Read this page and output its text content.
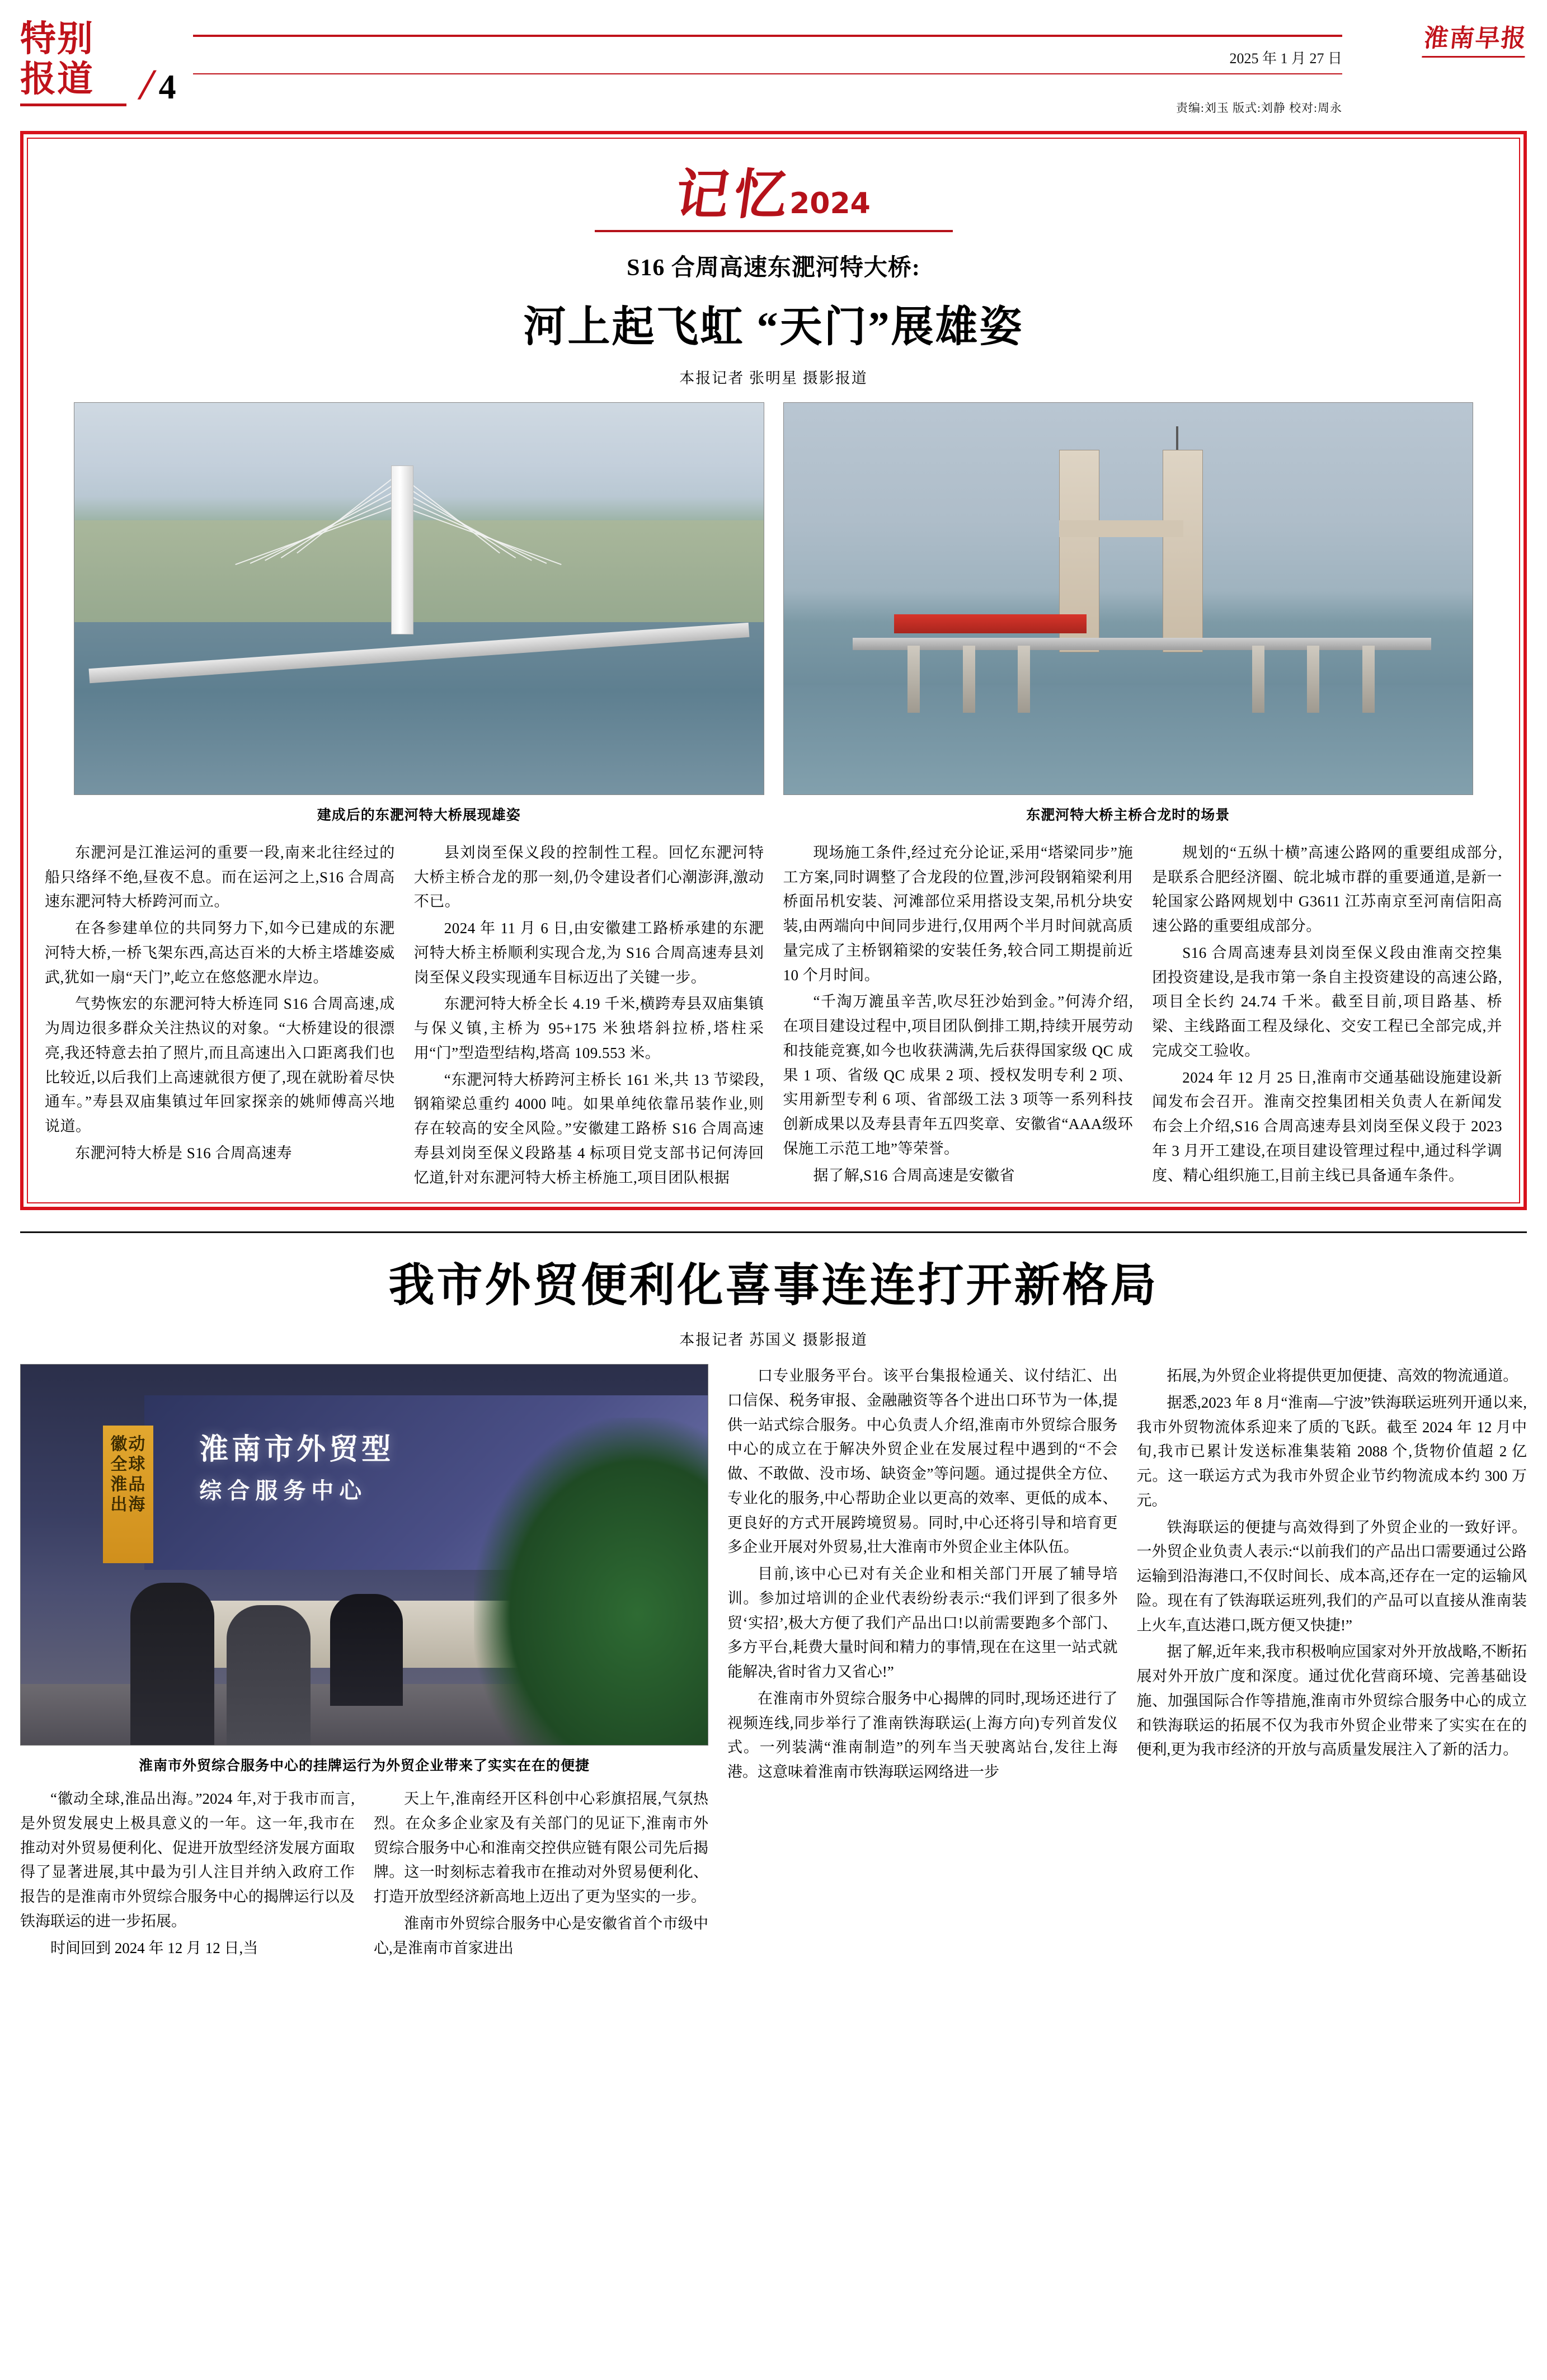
特别
报道 / 4
2025 年 1 月 27 日
责编:刘玉 版式:刘静 校对:周永
淮南早报
记忆2024
S16 合周高速东淝河特大桥:
河上起飞虹 “天门”展雄姿
本报记者 张明星 摄影报道
建成后的东淝河特大桥展现雄姿	东淝河特大桥主桥合龙时的场景

东淝河是江淮运河的重要一段,南来北往经过的船只络绎不绝,昼夜不息。而在运河之上,S16 合周高速东淝河特大桥跨河而立。

在各参建单位的共同努力下,如今已建成的东淝河特大桥,一桥飞架东西,高达百米的大桥主塔雄姿威武,犹如一扇“天门”,屹立在悠悠淝水岸边。

气势恢宏的东淝河特大桥连同 S16 合周高速,成为周边很多群众关注热议的对象。“大桥建设的很漂亮,我还特意去拍了照片,而且高速出入口距离我们也比较近,以后我们上高速就很方便了,现在就盼着尽快通车。”寿县双庙集镇过年回家探亲的姚师傅高兴地说道。

东淝河特大桥是 S16 合周高速寿

县刘岗至保义段的控制性工程。回忆东淝河特大桥主桥合龙的那一刻,仍令建设者们心潮澎湃,激动不已。

2024 年 11 月 6 日,由安徽建工路桥承建的东淝河特大桥主桥顺利实现合龙,为 S16 合周高速寿县刘岗至保义段实现通车目标迈出了关键一步。

东淝河特大桥全长 4.19 千米,横跨寿县双庙集镇与保义镇,主桥为 95+175 米独塔斜拉桥,塔柱采用“门”型造型结构,塔高 109.553 米。

“东淝河特大桥跨河主桥长 161 米,共 13 节梁段,钢箱梁总重约 4000 吨。如果单纯依靠吊装作业,则存在较高的安全风险。”安徽建工路桥 S16 合周高速寿县刘岗至保义段路基 4 标项目党支部书记何涛回忆道,针对东淝河特大桥主桥施工,项目团队根据

现场施工条件,经过充分论证,采用“塔梁同步”施工方案,同时调整了合龙段的位置,涉河段钢箱梁利用桥面吊机安装、河滩部位采用搭设支架,吊机分块安装,由两端向中间同步进行,仅用两个半月时间就高质量完成了主桥钢箱梁的安装任务,较合同工期提前近 10 个月时间。

“千淘万漉虽辛苦,吹尽狂沙始到金。”何涛介绍,在项目建设过程中,项目团队倒排工期,持续开展劳动和技能竞赛,如今也收获满满,先后获得国家级 QC 成果 1 项、省级 QC 成果 2 项、授权发明专利 2 项、实用新型专利 6 项、省部级工法 3 项等一系列科技创新成果以及寿县青年五四奖章、安徽省“AAA级环保施工示范工地”等荣誉。

据了解,S16 合周高速是安徽省

规划的“五纵十横”高速公路网的重要组成部分,是联系合肥经济圈、皖北城市群的重要通道,是新一轮国家公路网规划中 G3611 江苏南京至河南信阳高速公路的重要组成部分。

S16 合周高速寿县刘岗至保义段由淮南交控集团投资建设,是我市第一条自主投资建设的高速公路,项目全长约 24.74 千米。截至目前,项目路基、桥梁、主线路面工程及绿化、交安工程已全部完成,并完成交工验收。

2024 年 12 月 25 日,淮南市交通基础设施建设新闻发布会召开。淮南交控集团相关负责人在新闻发布会上介绍,S16 合周高速寿县刘岗至保义段于 2023 年 3 月开工建设,在项目建设管理过程中,通过科学调度、精心组织施工,目前主线已具备通车条件。

我市外贸便利化喜事连连打开新格局
本报记者 苏国义 摄影报道
淮南市外贸型
综合服务中心
徽动全球 淮品出海
淮南市外贸综合服务中心的挂牌运行为外贸企业带来了实实在在的便捷

“徽动全球,淮品出海。”2024 年,对于我市而言,是外贸发展史上极具意义的一年。这一年,我市在推动对外贸易便利化、促进开放型经济发展方面取得了显著进展,其中最为引人注目并纳入政府工作报告的是淮南市外贸综合服务中心的揭牌运行以及铁海联运的进一步拓展。

时间回到 2024 年 12 月 12 日,当

天上午,淮南经开区科创中心彩旗招展,气氛热烈。在众多企业家及有关部门的见证下,淮南市外贸综合服务中心和淮南交控供应链有限公司先后揭牌。这一时刻标志着我市在推动对外贸易便利化、打造开放型经济新高地上迈出了更为坚实的一步。

淮南市外贸综合服务中心是安徽省首个市级中心,是淮南市首家进出

口专业服务平台。该平台集报检通关、议付结汇、出口信保、税务审报、金融融资等各个进出口环节为一体,提供一站式综合服务。中心负责人介绍,淮南市外贸综合服务中心的成立在于解决外贸企业在发展过程中遇到的“不会做、不敢做、没市场、缺资金”等问题。通过提供全方位、专业化的服务,中心帮助企业以更高的效率、更低的成本、更良好的方式开展跨境贸易。同时,中心还将引导和培育更多企业开展对外贸易,壮大淮南市外贸企业主体队伍。

目前,该中心已对有关企业和相关部门开展了辅导培训。参加过培训的企业代表纷纷表示:“我们评到了很多外贸‘实招’,极大方便了我们产品出口!以前需要跑多个部门、多方平台,耗费大量时间和精力的事情,现在在这里一站式就能解决,省时省力又省心!”

在淮南市外贸综合服务中心揭牌的同时,现场还进行了视频连线,同步举行了淮南铁海联运(上海方向)专列首发仪式。一列装满“淮南制造”的列车当天驶离站台,发往上海港。这意味着淮南市铁海联运网络进一步

拓展,为外贸企业将提供更加便捷、高效的物流通道。

据悉,2023 年 8 月“淮南—宁波”铁海联运班列开通以来,我市外贸物流体系迎来了质的飞跃。截至 2024 年 12 月中旬,我市已累计发送标准集装箱 2088 个,货物价值超 2 亿元。这一联运方式为我市外贸企业节约物流成本约 300 万元。

铁海联运的便捷与高效得到了外贸企业的一致好评。一外贸企业负责人表示:“以前我们的产品出口需要通过公路运输到沿海港口,不仅时间长、成本高,还存在一定的运输风险。现在有了铁海联运班列,我们的产品可以直接从淮南装上火车,直达港口,既方便又快捷!”

据了解,近年来,我市积极响应国家对外开放战略,不断拓展对外开放广度和深度。通过优化营商环境、完善基础设施、加强国际合作等措施,淮南市外贸综合服务中心的成立和铁海联运的拓展不仅为我市外贸企业带来了实实在在的便利,更为我市经济的开放与高质量发展注入了新的活力。
